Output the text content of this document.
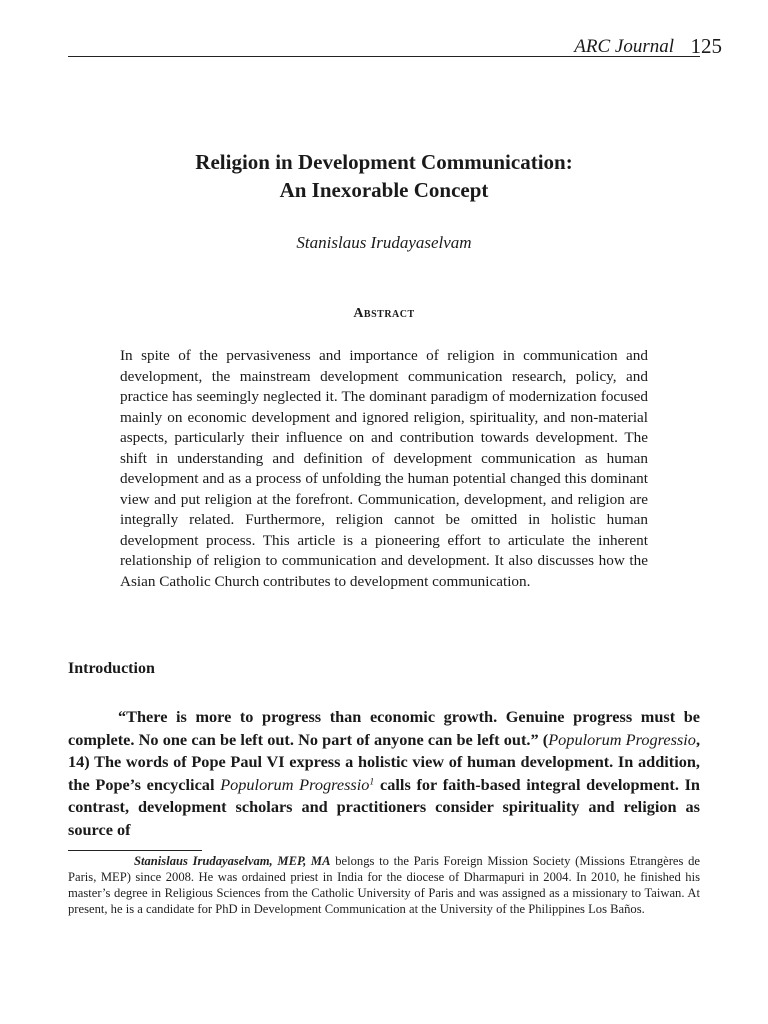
ARC Journal 125
Religion in Development Communication:
An Inexorable Concept
Stanislaus Irudayaselvam
Abstract

In spite of the pervasiveness and importance of religion in communication and development, the mainstream development communication research, policy, and practice has seemingly neglected it. The dominant paradigm of modernization focused mainly on economic development and ignored religion, spirituality, and non-material aspects, particularly their influence on and contribution towards development. The shift in understanding and definition of development communication as human development and as a process of unfolding the human potential changed this dominant view and put religion at the forefront. Communication, development, and religion are integrally related. Furthermore, religion cannot be omitted in holistic human development process. This article is a pioneering effort to articulate the inherent relationship of religion to communication and development. It also discusses how the Asian Catholic Church contributes to development communication.

Introduction

“There is more to progress than economic growth. Genuine progress must be complete. No one can be left out. No part of anyone can be left out.” (Populorum Progressio, 14) The words of Pope Paul VI express a holistic view of human development. In addition, the Pope’s encyclical Populorum Progressio$^1$ calls for faith-based integral development. In contrast, development scholars and practitioners consider spirituality and religion as source of

Stanislaus Irudayaselvam, MEP, MA belongs to the Paris Foreign Mission Society (Missions Etrangères de Paris, MEP) since 2008. He was ordained priest in India for the diocese of Dharmapuri in 2004. In 2010, he finished his master’s degree in Religious Sciences from the Catholic University of Paris and was assigned as a missionary to Taiwan. At present, he is a candidate for PhD in Development Communication at the University of the Philippines Los Baños.
